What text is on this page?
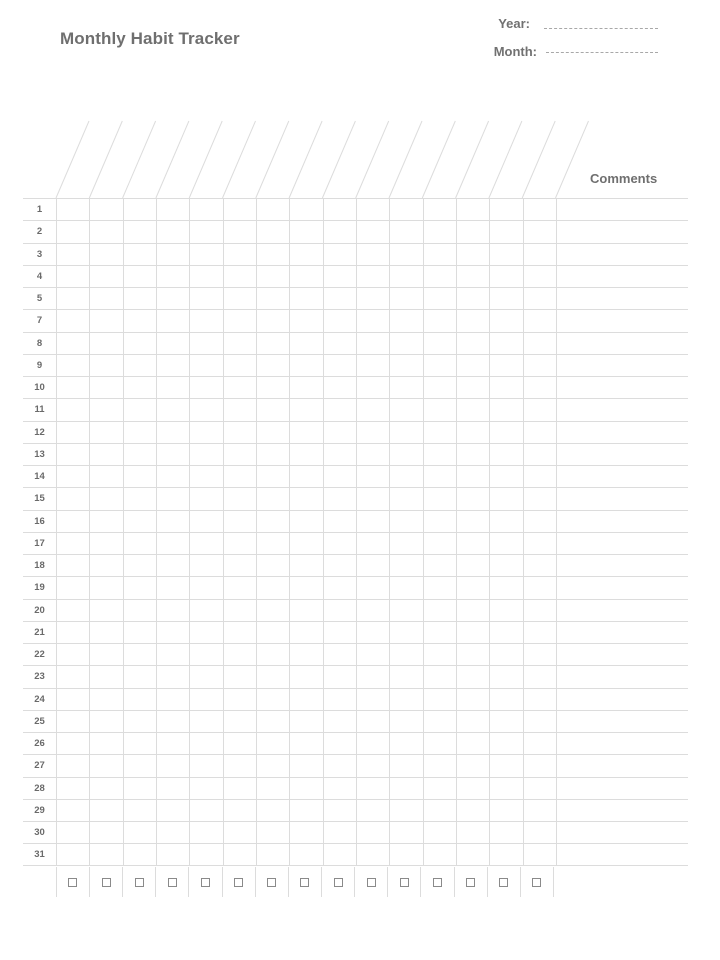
Monthly Habit Tracker
Year:
Month:
Comments
1
2
3
4
5
7
8
9
10
11
12
13
14
15
16
17
18
19
20
21
22
23
24
25
26
27
28
29
30
31
